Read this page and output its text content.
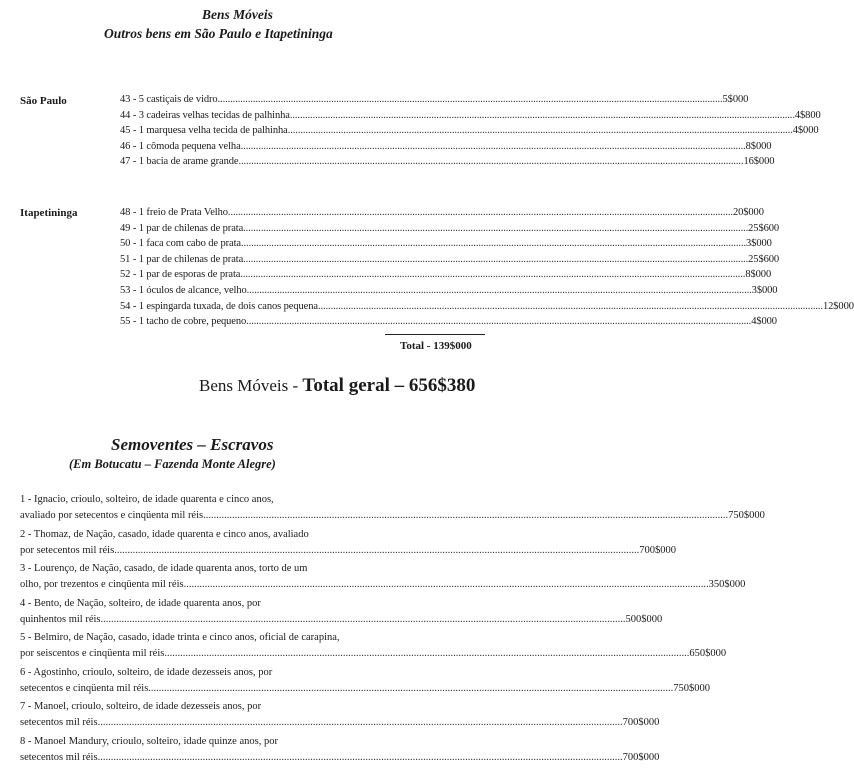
Bens Móveis
Outros bens em São Paulo e Itapetininga
São Paulo	43 - 5 castiçais de vidro ........................................................................................................................................................................................................ 5$000
44 - 3 cadeiras velhas tecidas de palhinha ........................................................................................................................................................................................................ 4$800
45 - 1 marquesa velha tecida de palhinha ........................................................................................................................................................................................................ 4$000
46 - 1 cômoda pequena velha ........................................................................................................................................................................................................ 8$000
47 - 1 bacia de arame grande ........................................................................................................................................................................................................ 16$000
Itapetininga	48 - 1 freio de Prata Velho ........................................................................................................................................................................................................ 20$000
49 - 1 par de chilenas de prata ........................................................................................................................................................................................................ 25$600
50 - 1 faca com cabo de prata ........................................................................................................................................................................................................ 3$000
51 - 1 par de chilenas de prata ........................................................................................................................................................................................................ 25$600
52 - 1 par de esporas de prata ........................................................................................................................................................................................................ 8$000
53 - 1 óculos de alcance, velho ........................................................................................................................................................................................................ 3$000
54 - 1 espingarda tuxada, de dois canos pequena ........................................................................................................................................................................................................ 12$000
55 - 1 tacho de cobre, pequeno ........................................................................................................................................................................................................ 4$000
Total - 139$000
Bens Móveis - Total geral – 656$380
Semoventes – Escravos
(Em Botucatu – Fazenda Monte Alegre)
1 - Ignacio, crioulo, solteiro, de idade quarenta e cinco anos,
avaliado por setecentos e cinqüenta mil réis ........................................................................................................................................................................................................ 750$000
2 - Thomaz, de Nação, casado, idade quarenta e cinco anos, avaliado
por setecentos mil réis ........................................................................................................................................................................................................ 700$000
3 - Lourenço, de Nação, casado, de idade quarenta anos, torto de um
olho, por trezentos e cinqüenta mil réis ........................................................................................................................................................................................................ 350$000
4 - Bento, de Nação, solteiro, de idade quarenta anos, por
quinhentos mil réis ........................................................................................................................................................................................................ 500$000
5 - Belmiro, de Nação, casado, idade trinta e cinco anos, oficial de carapina,
por seiscentos e cinqüenta mil réis ........................................................................................................................................................................................................ 650$000
6 - Agostinho, crioulo, solteiro, de idade dezesseis anos, por
setecentos e cinqüenta mil réis ........................................................................................................................................................................................................ 750$000
7 - Manoel, crioulo, solteiro, de idade dezesseis anos, por
setecentos mil réis ........................................................................................................................................................................................................ 700$000
8 - Manoel Mandury, crioulo, solteiro, idade quinze anos, por
setecentos mil réis ........................................................................................................................................................................................................ 700$000
